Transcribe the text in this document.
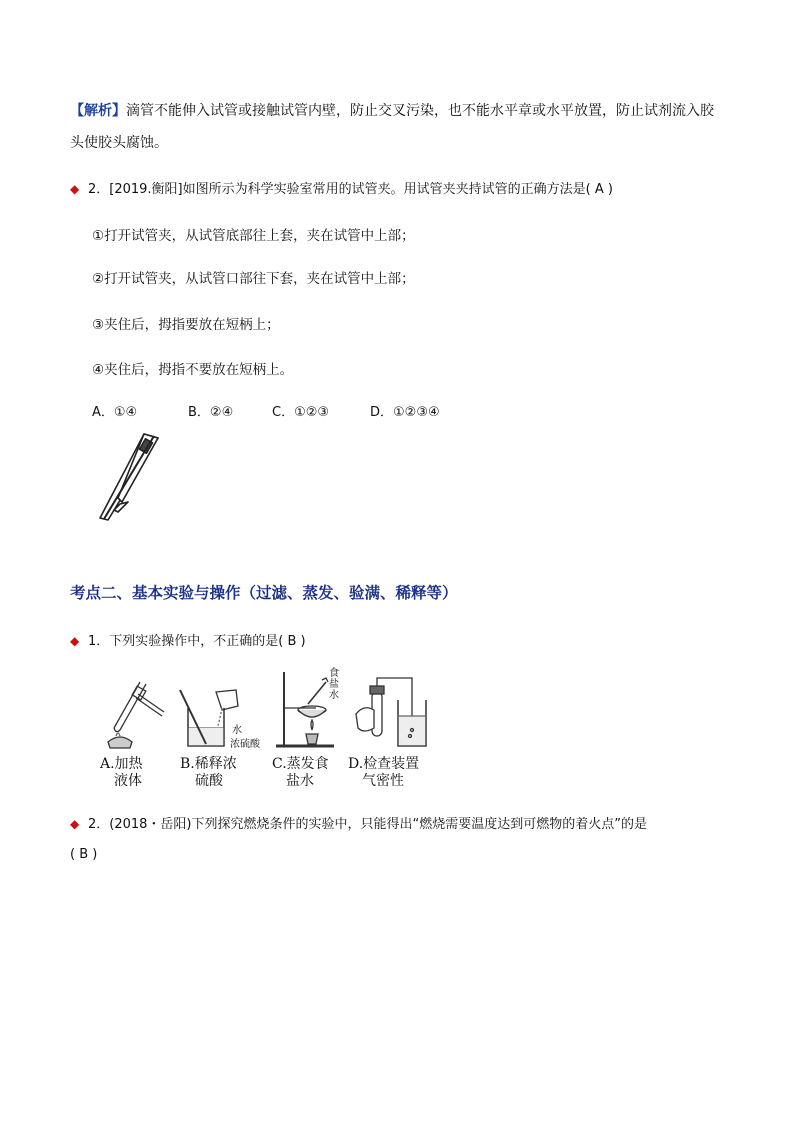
【解析】滴管不能伸入试管或接触试管内壁，防止交叉污染，也不能水平章或水平放置，防止试剂流入胶
头使胶头腐蚀。
◆ 2．[2019.衡阳]如图所示为科学实验室常用的试管夹。用试管夹夹持试管的正确方法是( A )
①打开试管夹，从试管底部往上套，夹在试管中上部；
②打开试管夹，从试管口部往下套，夹在试管中上部；
③夹住后，拇指要放在短柄上；
④夹住后，拇指不要放在短柄上。
A．①④	B．②④	C．①②③	D．①②③④
考点二、基本实验与操作（过滤、蒸发、验满、稀释等）
◆ 1．下列实验操作中，不正确的是( B )
A.加热
液体
水
浓硫酸
B.稀释浓
硫酸
食
盐
水
C.蒸发食
盐水
D.检查装置
气密性
◆ 2．(2018・岳阳)下列探究燃烧条件的实验中，只能得出“燃烧需要温度达到可燃物的着火点”的是
( B )
